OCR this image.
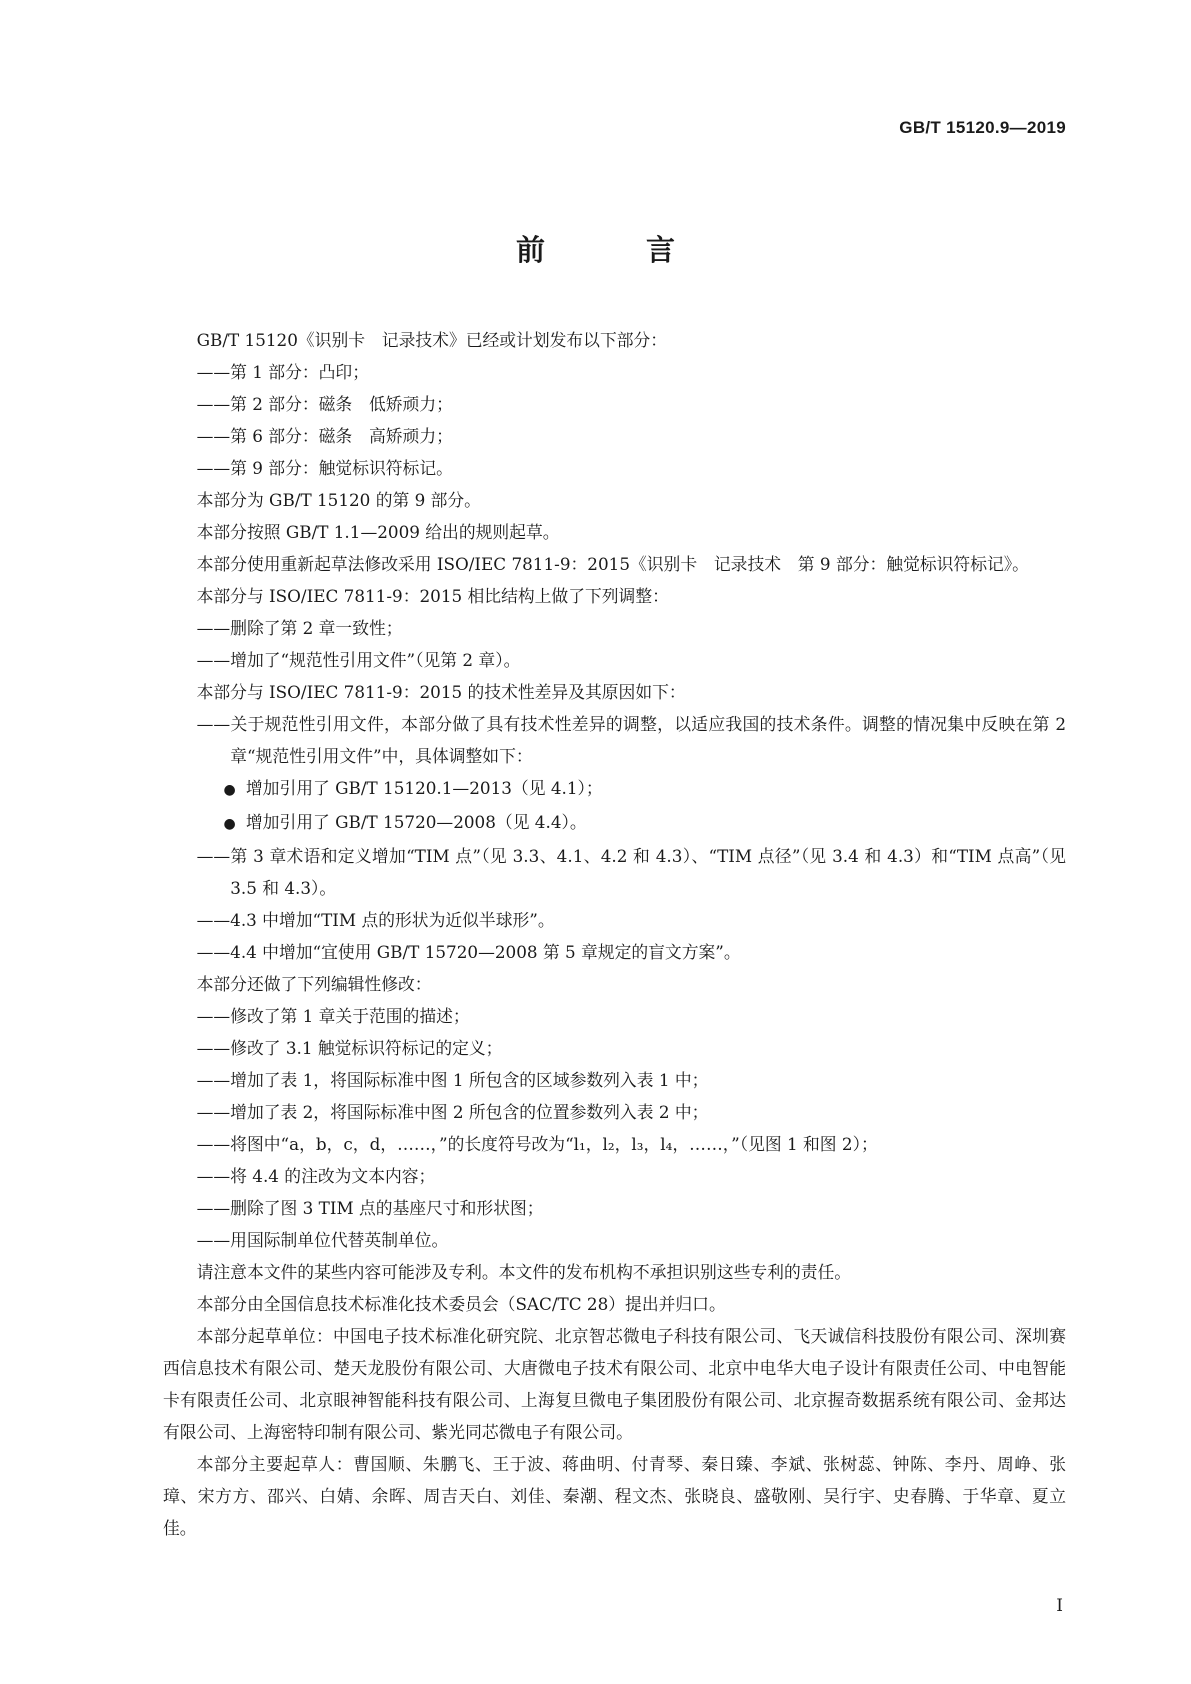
GB/T 15120.9—2019
前　言

GB/T 15120《识别卡　记录技术》已经或计划发布以下部分：

——第 1 部分：凸印；

——第 2 部分：磁条　低矫顽力；

——第 6 部分：磁条　高矫顽力；

——第 9 部分：触觉标识符标记。

本部分为 GB/T 15120 的第 9 部分。

本部分按照 GB/T 1.1—2009 给出的规则起草。

本部分使用重新起草法修改采用 ISO/IEC 7811-9：2015《识别卡　记录技术　第 9 部分：触觉标识符标记》。

本部分与 ISO/IEC 7811-9：2015 相比结构上做了下列调整：

——删除了第 2 章一致性；

——增加了“规范性引用文件”（见第 2 章）。

本部分与 ISO/IEC 7811-9：2015 的技术性差异及其原因如下：

——关于规范性引用文件，本部分做了具有技术性差异的调整，以适应我国的技术条件。调整的情况集中反映在第 2 章“规范性引用文件”中，具体调整如下：

● 增加引用了 GB/T 15120.1—2013（见 4.1）；

● 增加引用了 GB/T 15720—2008（见 4.4）。

——第 3 章术语和定义增加“TIM 点”（见 3.3、4.1、4.2 和 4.3）、“TIM 点径”（见 3.4 和 4.3）和“TIM 点高”（见 3.5 和 4.3）。

——4.3 中增加“TIM 点的形状为近似半球形”。

——4.4 中增加“宜使用 GB/T 15720—2008 第 5 章规定的盲文方案”。

本部分还做了下列编辑性修改：

——修改了第 1 章关于范围的描述；

——修改了 3.1 触觉标识符标记的定义；

——增加了表 1，将国际标准中图 1 所包含的区域参数列入表 1 中；

——增加了表 2，将国际标准中图 2 所包含的位置参数列入表 2 中；

——将图中“a，b，c，d，……，”的长度符号改为“l₁，l₂，l₃，l₄，……，”（见图 1 和图 2）；

——将 4.4 的注改为文本内容；

——删除了图 3 TIM 点的基座尺寸和形状图；

——用国际制单位代替英制单位。

请注意本文件的某些内容可能涉及专利。本文件的发布机构不承担识别这些专利的责任。

本部分由全国信息技术标准化技术委员会（SAC/TC 28）提出并归口。

本部分起草单位：中国电子技术标准化研究院、北京智芯微电子科技有限公司、飞天诚信科技股份有限公司、深圳赛西信息技术有限公司、楚天龙股份有限公司、大唐微电子技术有限公司、北京中电华大电子设计有限责任公司、中电智能卡有限责任公司、北京眼神智能科技有限公司、上海复旦微电子集团股份有限公司、北京握奇数据系统有限公司、金邦达有限公司、上海密特印制有限公司、紫光同芯微电子有限公司。

本部分主要起草人：曹国顺、朱鹏飞、王于波、蒋曲明、付青琴、秦日臻、李斌、张树蕊、钟陈、李丹、周峥、张璋、宋方方、邵兴、白婧、余晖、周吉天白、刘佳、秦潮、程文杰、张晓良、盛敬刚、吴行宇、史春腾、于华章、夏立佳。

I
